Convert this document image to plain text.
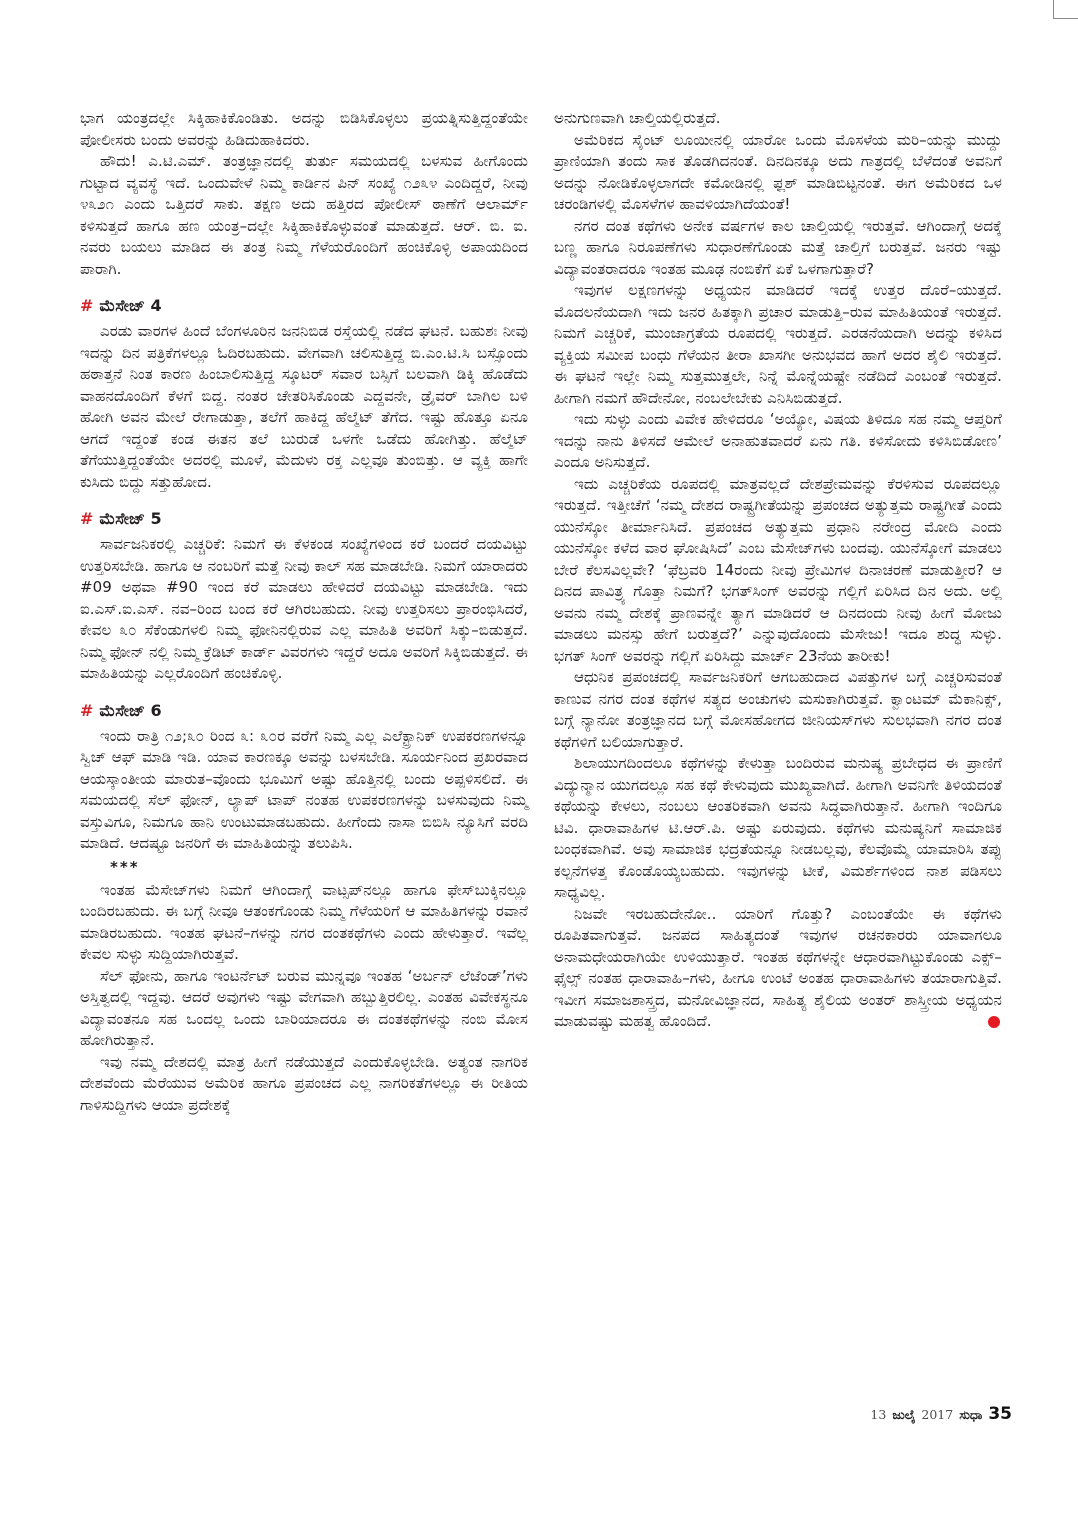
ಭಾಗ ಯಂತ್ರದಲ್ಲೇ ಸಿಕ್ಕಿಹಾಕಿಕೊಂಡಿತು. ಅದನ್ನು ಬಿಡಿಸಿಕೊಳ್ಳಲು ಪ್ರಯತ್ನಿಸುತ್ತಿದ್ದಂತೆಯೇ ಪೋಲೀಸರು ಬಂದು ಅವರನ್ನು ಹಿಡಿದುಹಾಕಿದರು.

ಹೌದು! ಎ.ಟಿ.ಎಮ್. ತಂತ್ರಜ್ಞಾನದಲ್ಲಿ ತುರ್ತು ಸಮಯದಲ್ಲಿ ಬಳಸುವ ಹೀಗೊಂದು ಗುಟ್ಟಾದ ವ್ಯವಸ್ಥೆ ಇದೆ. ಒಂದುವೇಳೆ ನಿಮ್ಮ ಕಾರ್ಡಿನ ಪಿನ್ ಸಂಖ್ಯೆ ೧೨೩೪ ಎಂದಿದ್ದರೆ, ನೀವು ೪೩೨೧ ಎಂದು ಒತ್ತಿದರೆ ಸಾಕು. ತಕ್ಷಣ ಅದು ಹತ್ತಿರದ ಪೋಲೀಸ್ ಠಾಣೆಗೆ ಆಲಾರ್ಮ್ ಕಳಿಸುತ್ತದೆ ಹಾಗೂ ಹಣ ಯಂತ್ರ–ದಲ್ಲೇ ಸಿಕ್ಕಿಹಾಕಿಕೊಳ್ಳುವಂತೆ ಮಾಡುತ್ತದೆ. ಆರ್. ಬಿ. ಐ. ನವರು ಬಯಲು ಮಾಡಿದ ಈ ತಂತ್ರ ನಿಮ್ಮ ಗೆಳೆಯರೊಂದಿಗೆ ಹಂಚಿಕೊಳ್ಳಿ ಅಪಾಯದಿಂದ ಪಾರಾಗಿ.

# ಮೆಸೇಜ್ 4

ಎರಡು ವಾರಗಳ ಹಿಂದೆ ಬೆಂಗಳೂರಿನ ಜನನಿಬಿಡ ರಸ್ತೆಯಲ್ಲಿ ನಡೆದ ಘಟನೆ. ಬಹುಶಃ ನೀವು ಇದನ್ನು ದಿನ ಪತ್ರಿಕೆಗಳಲ್ಲೂ ಓದಿರಬಹುದು. ವೇಗವಾಗಿ ಚಲಿಸುತ್ತಿದ್ದ ಬಿ.ಎಂ.ಟಿ.ಸಿ ಬಸ್ಸೊಂದು ಹಠಾತ್ತನೆ ನಿಂತ ಕಾರಣ ಹಿಂಬಾಲಿಸುತ್ತಿದ್ದ ಸ್ಕೂಟರ್ ಸವಾರ ಬಸ್ಸಿಗೆ ಬಲವಾಗಿ ಡಿಕ್ಕಿ ಹೊಡೆದು ವಾಹನದೊಂದಿಗೆ ಕೆಳಗೆ ಬಿದ್ದ. ನಂತರ ಚೇತರಿಸಿಕೊಂಡು ಎದ್ದವನೇ, ಡ್ರೈವರ್ ಬಾಗಿಲ ಬಳಿ ಹೋಗಿ ಅವನ ಮೇಲೆ ರೇಗಾಡುತ್ತಾ, ತಲೆಗೆ ಹಾಕಿದ್ದ ಹೆಲ್ಮೆಟ್ ತೆಗೆದ. ಇಷ್ಟು ಹೊತ್ತೂ ಏನೂ ಆಗದೆ ಇದ್ದಂತೆ ಕಂಡ ಈತನ ತಲೆ ಬುರುಡೆ ಒಳಗೇ ಒಡೆದು ಹೋಗಿತ್ತು. ಹೆಲ್ಮೆಟ್ ತೆಗೆಯುತ್ತಿದ್ದಂತೆಯೇ ಅದರಲ್ಲಿ ಮೂಳೆ, ಮೆದುಳು ರಕ್ತ ಎಲ್ಲವೂ ತುಂಬಿತ್ತು. ಆ ವ್ಯಕ್ತಿ ಹಾಗೇ ಕುಸಿದು ಬಿದ್ದು ಸತ್ತುಹೋದ.

# ಮೆಸೇಜ್ 5

ಸಾರ್ವಜನಿಕರಲ್ಲಿ ಎಚ್ಚರಿಕೆ: ನಿಮಗೆ ಈ ಕೆಳಕಂಡ ಸಂಖ್ಯೆಗಳಿಂದ ಕರೆ ಬಂದರೆ ದಯವಿಟ್ಟು ಉತ್ತರಿಸಬೇಡಿ. ಹಾಗೂ ಆ ನಂಬರಿಗೆ ಮತ್ತೆ ನೀವು ಕಾಲ್ ಸಹ ಮಾಡಬೇಡಿ. ನಿಮಗೆ ಯಾರಾದರು #09 ಅಥವಾ #90 ಇಂದ ಕರೆ ಮಾಡಲು ಹೇಳಿದರೆ ದಯವಿಟ್ಟು ಮಾಡಬೇಡಿ. ಇದು ಐ.ಎಸ್.ಐ.ಎಸ್. ನವ–ರಿಂದ ಬಂದ ಕರೆ ಆಗಿರಬಹುದು. ನೀವು ಉತ್ತರಿಸಲು ಪ್ರಾರಂಭಿಸಿದರೆ, ಕೇವಲ ೩೦ ಸೆಕೆಂಡುಗಳಲಿ ನಿಮ್ಮ ಫೋನಿನಲ್ಲಿರುವ ಎಲ್ಲ ಮಾಹಿತಿ ಅವರಿಗೆ ಸಿಕ್ಕು–ಬಿಡುತ್ತದೆ. ನಿಮ್ಮ ಫೋನ್ ನಲ್ಲಿ ನಿಮ್ಮ ಕ್ರೆಡಿಟ್ ಕಾರ್ಡ್ ವಿವರಗಳು ಇದ್ದರೆ ಅದೂ ಅವರಿಗೆ ಸಿಕ್ಕಿಬಿಡುತ್ತದೆ. ಈ ಮಾಹಿತಿಯನ್ನು ಎಲ್ಲರೊಂದಿಗೆ ಹಂಚಿಕೊಳ್ಳಿ.

# ಮೆಸೇಜ್ 6

ಇಂದು ರಾತ್ರಿ ೧೨;೩೦ ರಿಂದ ೩: ೩೦ರ ವರೆಗೆ ನಿಮ್ಮ ಎಲ್ಲ ಎಲೆಕ್ಟ್ರಾನಿಕ್ ಉಪಕರಣಗಳನ್ನೂ ಸ್ವಿಚ್ ಆಫ್ ಮಾಡಿ ಇಡಿ. ಯಾವ ಕಾರಣಕ್ಕೂ ಅವನ್ನು ಬಳಸಬೇಡಿ. ಸೂರ್ಯನಿಂದ ಪ್ರಖರವಾದ ಆಯಸ್ಕಾಂತೀಯ ಮಾರುತ–ವೊಂದು ಭೂಮಿಗೆ ಅಷ್ಟು ಹೊತ್ತಿನಲ್ಲಿ ಬಂದು ಅಪ್ಪಳಿಸಲಿದೆ. ಈ ಸಮಯದಲ್ಲಿ ಸೆಲ್ ಫೋನ್, ಲ್ಯಾಪ್ ಟಾಪ್ ನಂತಹ ಉಪಕರಣಗಳನ್ನು ಬಳಸುವುದು ನಿಮ್ಮ ವಸ್ತುವಿಗೂ, ನಿಮಗೂ ಹಾನಿ ಉಂಟುಮಾಡಬಹುದು. ಹೀಗೆಂದು ನಾಸಾ ಬಿಬಿಸಿ ನ್ಯೂಸಿಗೆ ವರದಿ ಮಾಡಿದೆ. ಆದಷ್ಟೂ ಜನರಿಗೆ ಈ ಮಾಹಿತಿಯನ್ನು ತಲುಪಿಸಿ.

***

ಇಂತಹ ಮೆಸೇಜ್‌ಗಳು ನಿಮಗೆ ಆಗಿಂದಾಗ್ಗೆ ವಾಟ್ಸಪ್‌ನಲ್ಲೂ ಹಾಗೂ ಫೇಸ್‌ಬುಕ್ಕಿನಲ್ಲೂ ಬಂದಿರಬಹುದು. ಈ ಬಗ್ಗೆ ನೀವೂ ಆತಂಕಗೊಂಡು ನಿಮ್ಮ ಗೆಳೆಯರಿಗೆ ಆ ಮಾಹಿತಿಗಳನ್ನು ರವಾನೆ ಮಾಡಿರಬಹುದು. ಇಂತಹ ಘಟನೆ–ಗಳನ್ನು ನಗರ ದಂತಕಥೆಗಳು ಎಂದು ಹೇಳುತ್ತಾರೆ. ಇವೆಲ್ಲ ಕೇವಲ ಸುಳ್ಳು ಸುದ್ದಿಯಾಗಿರುತ್ತವೆ.

ಸೆಲ್ ಫೋನು, ಹಾಗೂ ಇಂಟರ್ನೆಟ್ ಬರುವ ಮುನ್ನವೂ ಇಂತಹ ‘ಅರ್ಬನ್ ಲೆಜೆಂಡ್’ಗಳು ಅಸ್ತಿತ್ವದಲ್ಲಿ ಇದ್ದವು. ಆದರೆ ಅವುಗಳು ಇಷ್ಟು ವೇಗವಾಗಿ ಹಬ್ಬುತ್ತಿರಲಿಲ್ಲ. ಎಂತಹ ವಿವೇಕಸ್ಥನೂ ವಿದ್ಯಾವಂತನೂ ಸಹ ಒಂದಲ್ಲ ಒಂದು ಬಾರಿಯಾದರೂ ಈ ದಂತಕಥೆಗಳನ್ನು ನಂಬಿ ಮೋಸ ಹೋಗಿರುತ್ತಾನೆ.

ಇವು ನಮ್ಮ ದೇಶದಲ್ಲಿ ಮಾತ್ರ ಹೀಗೆ ನಡೆಯುತ್ತದೆ ಎಂದುಕೊಳ್ಳಬೇಡಿ. ಅತ್ಯಂತ ನಾಗರಿಕ ದೇಶವೆಂದು ಮೆರೆಯುವ ಅಮೆರಿಕ ಹಾಗೂ ಪ್ರಪಂಚದ ಎಲ್ಲ ನಾಗರಿಕತೆಗಳಲ್ಲೂ ಈ ರೀತಿಯ ಗಾಳಿಸುದ್ದಿಗಳು ಆಯಾ ಪ್ರದೇಶಕ್ಕೆ

ಅನುಗುಣವಾಗಿ ಚಾಲ್ತಿಯಲ್ಲಿರುತ್ತದೆ.

ಅಮೆರಿಕದ ಸೈಂಟ್ ಲೂಯೀನಲ್ಲಿ ಯಾರೋ ಒಂದು ಮೊಸಳೆಯ ಮರಿ–ಯನ್ನು ಮುದ್ದು ಪ್ರಾಣಿಯಾಗಿ ತಂದು ಸಾಕ ತೊಡಗಿದನಂತೆ. ದಿನದಿನಕ್ಕೂ ಅದು ಗಾತ್ರದಲ್ಲಿ ಬೆಳೆದಂತೆ ಅವನಿಗೆ ಅದನ್ನು ನೋಡಿಕೊಳ್ಳಲಾಗದೇ ಕಮೋಡಿನಲ್ಲಿ ಫ್ಲಶ್ ಮಾಡಿಬಿಟ್ಟನಂತೆ. ಈಗ ಅಮೆರಿಕದ ಒಳ ಚರಂಡಿಗಳಲ್ಲಿ ಮೊಸಳೆಗಳ ಹಾವಳಿಯಾಗಿದೆಯಂತೆ!

ನಗರ ದಂತ ಕಥೆಗಳು ಅನೇಕ ವರ್ಷಗಳ ಕಾಲ ಚಾಲ್ತಿಯಲ್ಲಿ ಇರುತ್ತವೆ. ಆಗಿಂದಾಗ್ಗೆ ಅದಕ್ಕೆ ಬಣ್ಣ ಹಾಗೂ ನಿರೂಪಣೆಗಳು ಸುಧಾರಣೆಗೊಂಡು ಮತ್ತೆ ಚಾಲ್ತಿಗೆ ಬರುತ್ತವೆ. ಜನರು ಇಷ್ಟು ವಿದ್ಯಾವಂತರಾದರೂ ಇಂತಹ ಮೂಢ ನಂಬಿಕೆಗೆ ಏಕೆ ಒಳಗಾಗುತ್ತಾರೆ?

ಇವುಗಳ ಲಕ್ಷಣಗಳನ್ನು ಅಧ್ಯಯನ ಮಾಡಿದರೆ ಇದಕ್ಕೆ ಉತ್ತರ ದೊರೆ–ಯುತ್ತದೆ. ಮೊದಲನೆಯದಾಗಿ ಇದು ಜನರ ಹಿತಕ್ಕಾಗಿ ಪ್ರಚಾರ ಮಾಡುತ್ತಿ–ರುವ ಮಾಹಿತಿಯಂತೆ ಇರುತ್ತದೆ. ನಿಮಗೆ ಎಚ್ಚರಿಕೆ, ಮುಂಜಾಗ್ರತೆಯ ರೂಪದಲ್ಲಿ ಇರುತ್ತದೆ. ಎರಡನೆಯದಾಗಿ ಅದನ್ನು ಕಳಿಸಿದ ವ್ಯಕ್ತಿಯ ಸಮೀಪ ಬಂಧು ಗೆಳೆಯನ ತೀರಾ ಖಾಸಗೀ ಅನುಭವದ ಹಾಗೆ ಅದರ ಶೈಲಿ ಇರುತ್ತದೆ. ಈ ಘಟನೆ ಇಲ್ಲೇ ನಿಮ್ಮ ಸುತ್ತಮುತ್ತಲೇ, ನಿನ್ನೆ ಮೊನ್ನೆಯಷ್ಟೇ ನಡೆದಿದೆ ಎಂಬಂತೆ ಇರುತ್ತದೆ. ಹೀಗಾಗಿ ನಮಗೆ ಹೌದೇನೋ, ನಂಬಲೇಬೇಕು ಎನಿಸಿಬಿಡುತ್ತದೆ.

ಇದು ಸುಳ್ಳು ಎಂದು ವಿವೇಕ ಹೇಳಿದರೂ ‘ಅಯ್ಯೋ, ವಿಷಯ ತಿಳಿದೂ ಸಹ ನಮ್ಮ ಆಪ್ತರಿಗೆ ಇದನ್ನು ನಾನು ತಿಳಿಸದೆ ಆಮೇಲೆ ಅನಾಹುತವಾದರೆ ಏನು ಗತಿ. ಕಳಿಸೋದು ಕಳಿಸಿಬಿಡೋಣ’ ಎಂದೂ ಅನಿಸುತ್ತದೆ.

ಇದು ಎಚ್ಚರಿಕೆಯ ರೂಪದಲ್ಲಿ ಮಾತ್ರವಲ್ಲದೆ ದೇಶಪ್ರೇಮವನ್ನು ಕೆರಳಿಸುವ ರೂಪದಲ್ಲೂ ಇರುತ್ತದೆ. ಇತ್ತೀಚೆಗೆ ‘ನಮ್ಮ ದೇಶದ ರಾಷ್ಟ್ರಗೀತೆಯನ್ನು ಪ್ರಪಂಚದ ಅತ್ಯುತ್ತಮ ರಾಷ್ಟ್ರಗೀತೆ ಎಂದು ಯುನೆಸ್ಕೋ ತೀರ್ಮಾನಿಸಿದೆ. ಪ್ರಪಂಚದ ಅತ್ಯುತ್ತಮ ಪ್ರಧಾನಿ ನರೇಂದ್ರ ಮೋದಿ ಎಂದು ಯುನೆಸ್ಕೋ ಕಳೆದ ವಾರ ಘೋಷಿಸಿದೆ’ ಎಂಬ ಮೆಸೇಜ್‌ಗಳು ಬಂದವು. ಯುನೆಸ್ಕೋಗೆ ಮಾಡಲು ಬೇರೆ ಕೆಲಸವಿಲ್ಲವೇ? ‘ಫೆಬ್ರವರಿ 14ರಂದು ನೀವು ಪ್ರೇಮಿಗಳ ದಿನಾಚರಣೆ ಮಾಡುತ್ತೀರ? ಆ ದಿನದ ಪಾವಿತ್ರ್ಯ ಗೊತ್ತಾ ನಿಮಗೆ? ಭಗತ್‌ಸಿಂಗ್ ಅವರನ್ನು ಗಲ್ಲಿಗೆ ಏರಿಸಿದ ದಿನ ಅದು. ಅಲ್ಲಿ ಅವನು ನಮ್ಮ ದೇಶಕ್ಕೆ ಪ್ರಾಣವನ್ನೇ ತ್ಯಾಗ ಮಾಡಿದರೆ ಆ ದಿನದಂದು ನೀವು ಹೀಗೆ ಮೋಜು ಮಾಡಲು ಮನಸ್ಸು ಹೇಗೆ ಬರುತ್ತದೆ?’ ಎನ್ನುವುದೊಂದು ಮೆಸೇಜು! ಇದೂ ಶುದ್ಧ ಸುಳ್ಳು. ಭಗತ್ ಸಿಂಗ್ ಅವರನ್ನು ಗಲ್ಲಿಗೆ ಏರಿಸಿದ್ದು ಮಾರ್ಚ್ 23ನೆಯ ತಾರೀಕು!

ಆಧುನಿಕ ಪ್ರಪಂಚದಲ್ಲಿ ಸಾರ್ವಜನಿಕರಿಗೆ ಆಗಬಹುದಾದ ವಿಪತ್ತುಗಳ ಬಗ್ಗೆ ಎಚ್ಚರಿಸುವಂತೆ ಕಾಣುವ ನಗರ ದಂತ ಕಥೆಗಳ ಸತ್ಯದ ಅಂಚುಗಳು ಮಸುಕಾಗಿರುತ್ತವೆ. ಕ್ವಾಂಟಮ್ ಮೆಕಾನಿಕ್ಸ್, ಬಗ್ಗೆ ನ್ಯಾನೋ ತಂತ್ರಜ್ಞಾನದ ಬಗ್ಗೆ ಮೋಸಹೋಗದ ಜೀನಿಯಸ್‌ಗಳು ಸುಲಭವಾಗಿ ನಗರ ದಂತ ಕಥೆಗಳಿಗೆ ಬಲಿಯಾಗುತ್ತಾರೆ.

ಶಿಲಾಯುಗದಿಂದಲೂ ಕಥೆಗಳನ್ನು ಕೇಳುತ್ತಾ ಬಂದಿರುವ ಮನುಷ್ಯ ಪ್ರಬೇಧದ ಈ ಪ್ರಾಣಿಗೆ ವಿದ್ಯುನ್ಮಾನ ಯುಗದಲ್ಲೂ ಸಹ ಕಥೆ ಕೇಳುವುದು ಮುಖ್ಯವಾಗಿದೆ. ಹೀಗಾಗಿ ಅವನಿಗೇ ತಿಳಿಯದಂತೆ ಕಥೆಯನ್ನು ಕೇಳಲು, ನಂಬಲು ಆಂತರಿಕವಾಗಿ ಅವನು ಸಿದ್ಧವಾಗಿರುತ್ತಾನೆ. ಹೀಗಾಗಿ ಇಂದಿಗೂ ಟಿವಿ. ಧಾರಾವಾಹಿಗಳ ಟಿ.ಆರ್.ಪಿ. ಅಷ್ಟು ಏರುವುದು. ಕಥೆಗಳು ಮನುಷ್ಯನಿಗೆ ಸಾಮಾಜಿಕ ಬಂಧಕವಾಗಿವೆ. ಅವು ಸಾಮಾಜಿಕ ಭದ್ರತೆಯನ್ನೂ ನೀಡಬಲ್ಲವು, ಕೆಲವೊಮ್ಮೆ ಯಾಮಾರಿಸಿ ತಪ್ಪು ಕಲ್ಪನೆಗಳತ್ತ ಕೊಂಡೊಯ್ಯಬಹುದು. ಇವುಗಳನ್ನು ಟೀಕೆ, ವಿಮರ್ಶೆಗಳಿಂದ ನಾಶ ಪಡಿಸಲು ಸಾಧ್ಯವಿಲ್ಲ.

ನಿಜವೇ ಇರಬಹುದೇನೋ.. ಯಾರಿಗೆ ಗೊತ್ತು? ಎಂಬಂತೆಯೇ ಈ ಕಥೆಗಳು ರೂಪಿತವಾಗುತ್ತವೆ. ಜನಪದ ಸಾಹಿತ್ಯದಂತೆ ಇವುಗಳ ರಚನಕಾರರು ಯಾವಾಗಲೂ ಅನಾಮಧೇಯರಾಗಿಯೇ ಉಳಿಯುತ್ತಾರೆ. ಇಂತಹ ಕಥೆಗಳನ್ನೇ ಆಧಾರವಾಗಿಟ್ಟುಕೊಂಡು ಎಕ್ಸ್–ಫೈಲ್ಸ್ ನಂತಹ ಧಾರಾವಾಹಿ–ಗಳು, ಹೀಗೂ ಉಂಟೆ ಅಂತಹ ಧಾರಾವಾಹಿಗಳು ತಯಾರಾಗುತ್ತಿವೆ. ಇವೀಗ ಸಮಾಜಶಾಸ್ತ್ರದ, ಮನೋವಿಜ್ಞಾನದ, ಸಾಹಿತ್ಯ ಶೈಲಿಯ ಅಂತರ್ ಶಾಸ್ತ್ರೀಯ ಅಧ್ಯಯನ ಮಾಡುವಷ್ಟು ಮಹತ್ವ ಹೊಂದಿದೆ.

13 ಜುಲೈ 2017 ಸುಧಾ 35
